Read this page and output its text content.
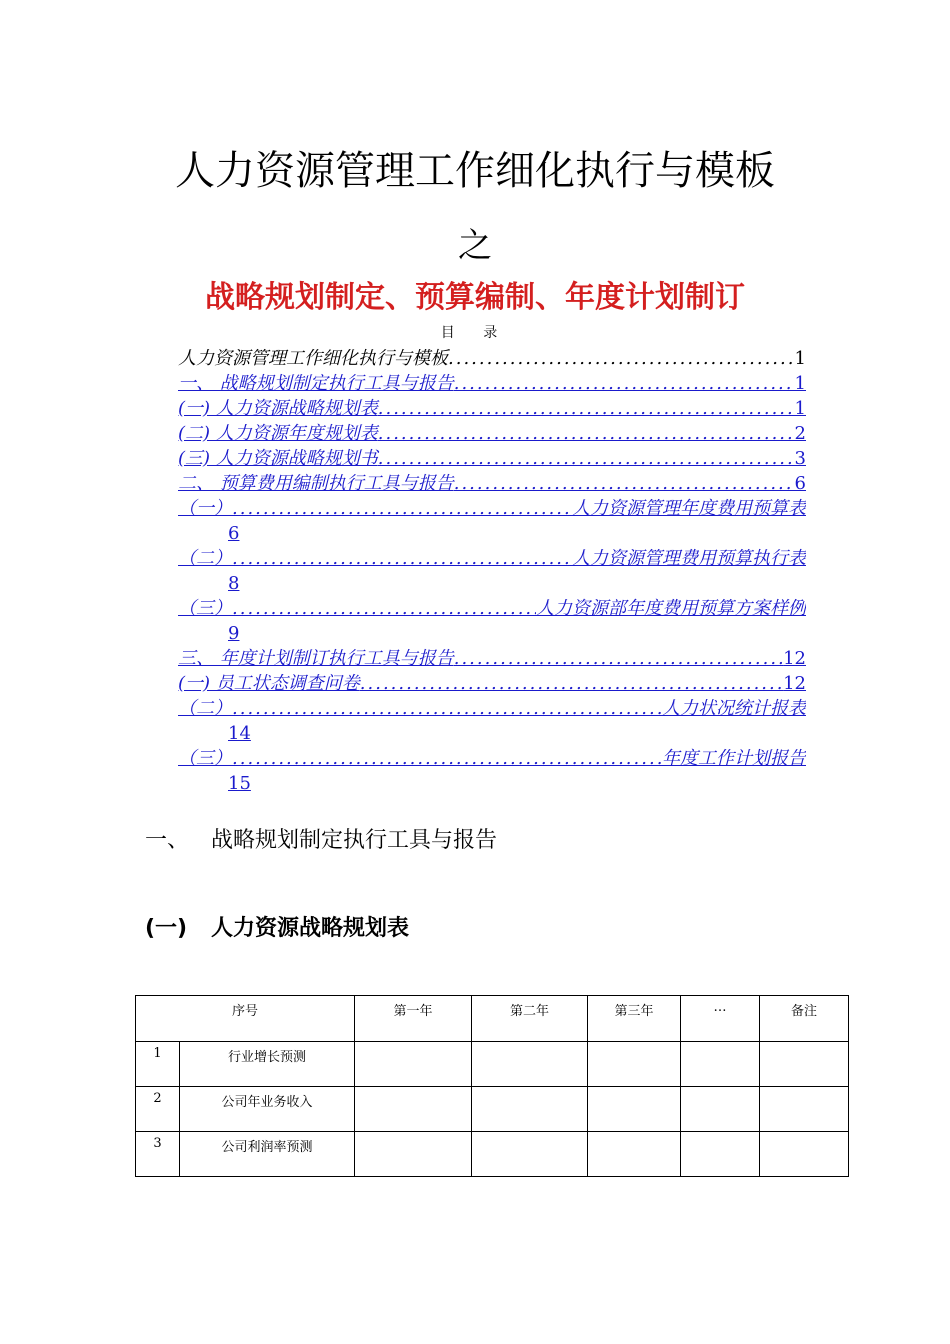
人力资源管理工作细化执行与模板
之
战略规划制定、预算编制、年度计划制订
目 录
人力资源管理工作细化执行与模板 .....	1
一、 战略规划制定执行工具与报告 .....	1
(一) 人力资源战略规划表 .....	1
(二) 人力资源年度规划表 .....	2
(三) 人力资源战略规划书 .....	3
二、 预算费用编制执行工具与报告 .....	6
（一） .....	人力资源管理年度费用预算表
6
（二） .....	人力资源管理费用预算执行表
8
（三） .....	人力资源部年度费用预算方案样例
9
三、 年度计划制订执行工具与报告 .....	12
(一) 员工状态调查问卷 .....	12
（二） .....	人力状况统计报表
14
（三） .....	年度工作计划报告
15
一、 战略规划制定执行工具与报告
(一) 人力资源战略规划表
序号		第一年	第二年	第三年	…	备注
1	行业增长预测					
2	公司年业务收入					
3	公司利润率预测					
